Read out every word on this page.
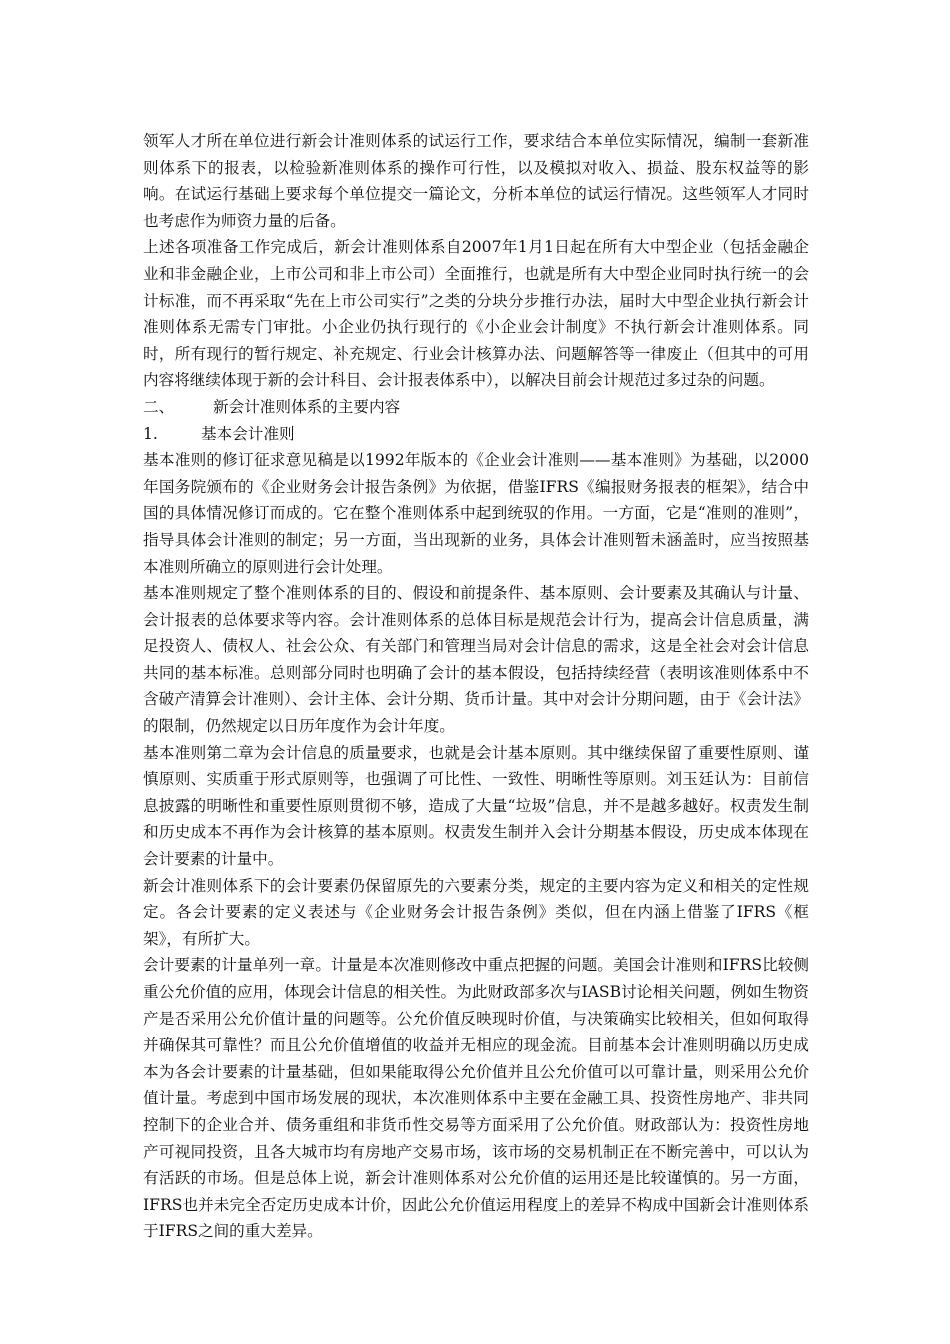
领军人才所在单位进行新会计准则体系的试运行工作，要求结合本单位实际情况，编制一套新准则体系下的报表，以检验新准则体系的操作可行性，以及模拟对收入、损益、股东权益等的影响。在试运行基础上要求每个单位提交一篇论文，分析本单位的试运行情况。这些领军人才同时也考虑作为师资力量的后备。

上述各项准备工作完成后，新会计准则体系自2007年1月1日起在所有大中型企业（包括金融企业和非金融企业，上市公司和非上市公司）全面推行，也就是所有大中型企业同时执行统一的会计标准，而不再采取“先在上市公司实行”之类的分块分步推行办法，届时大中型企业执行新会计准则体系无需专门审批。小企业仍执行现行的《小企业会计制度》不执行新会计准则体系。同时，所有现行的暂行规定、补充规定、行业会计核算办法、问题解答等一律废止（但其中的可用内容将继续体现于新的会计科目、会计报表体系中），以解决目前会计规范过多过杂的问题。

二、	新会计准则体系的主要内容
1.	基本会计准则

基本准则的修订征求意见稿是以1992年版本的《企业会计准则——基本准则》为基础，以2000年国务院颁布的《企业财务会计报告条例》为依据，借鉴IFRS《编报财务报表的框架》，结合中国的具体情况修订而成的。它在整个准则体系中起到统驭的作用。一方面，它是“准则的准则”，指导具体会计准则的制定；另一方面，当出现新的业务，具体会计准则暂未涵盖时，应当按照基本准则所确立的原则进行会计处理。

基本准则规定了整个准则体系的目的、假设和前提条件、基本原则、会计要素及其确认与计量、会计报表的总体要求等内容。会计准则体系的总体目标是规范会计行为，提高会计信息质量，满足投资人、债权人、社会公众、有关部门和管理当局对会计信息的需求，这是全社会对会计信息共同的基本标准。总则部分同时也明确了会计的基本假设，包括持续经营（表明该准则体系中不含破产清算会计准则）、会计主体、会计分期、货币计量。其中对会计分期问题，由于《会计法》的限制，仍然规定以日历年度作为会计年度。

基本准则第二章为会计信息的质量要求，也就是会计基本原则。其中继续保留了重要性原则、谨慎原则、实质重于形式原则等，也强调了可比性、一致性、明晰性等原则。刘玉廷认为：目前信息披露的明晰性和重要性原则贯彻不够，造成了大量“垃圾”信息，并不是越多越好。权责发生制和历史成本不再作为会计核算的基本原则。权责发生制并入会计分期基本假设，历史成本体现在会计要素的计量中。

新会计准则体系下的会计要素仍保留原先的六要素分类，规定的主要内容为定义和相关的定性规定。各会计要素的定义表述与《企业财务会计报告条例》类似，但在内涵上借鉴了IFRS《框架》，有所扩大。

会计要素的计量单列一章。计量是本次准则修改中重点把握的问题。美国会计准则和IFRS比较侧重公允价值的应用，体现会计信息的相关性。为此财政部多次与IASB讨论相关问题，例如生物资产是否采用公允价值计量的问题等。公允价值反映现时价值，与决策确实比较相关，但如何取得并确保其可靠性？而且公允价值增值的收益并无相应的现金流。目前基本会计准则明确以历史成本为各会计要素的计量基础，但如果能取得公允价值并且公允价值可以可靠计量，则采用公允价值计量。考虑到中国市场发展的现状，本次准则体系中主要在金融工具、投资性房地产、非共同控制下的企业合并、债务重组和非货币性交易等方面采用了公允价值。财政部认为：投资性房地产可视同投资，且各大城市均有房地产交易市场，该市场的交易机制正在不断完善中，可以认为有活跃的市场。但是总体上说，新会计准则体系对公允价值的运用还是比较谨慎的。另一方面，IFRS也并未完全否定历史成本计价，因此公允价值运用程度上的差异不构成中国新会计准则体系于IFRS之间的重大差异。
